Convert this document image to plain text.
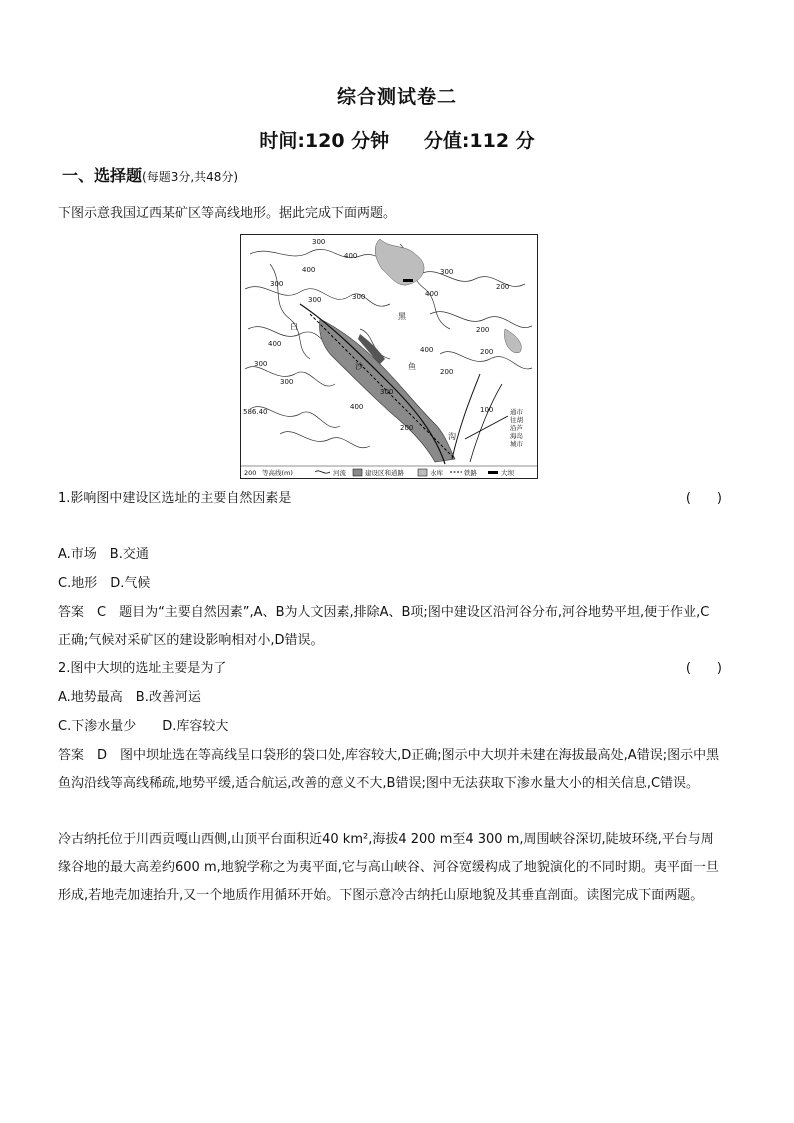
综合测试卷二
时间:120 分钟 分值:112 分
一、选择题(每题3分,共48分)
下图示意我国辽西某矿区等高线地形。据此完成下面两题。
300
400
300
400
300
300
400
200
300
200
400
300
300
300
400	200
200
100
586.40
200
400
白
黑
鱼
沙
沟
通市
往胡
沿芦
海岛
城市
200 等高线(m)	河流	建设区和道路	水库	铁路	大坝
1.影响图中建设区选址的主要自然因素是	(　　)
A.市场　B.交通
C.地形　D.气候
答案　C　题目为“主要自然因素”,A、B为人文因素,排除A、B项;图中建设区沿河谷分布,河谷地势平坦,便于作业,C正确;气候对采矿区的建设影响相对小,D错误。
2.图中大坝的选址主要是为了	(　　)
A.地势最高　B.改善河运
C.下渗水量少　　D.库容较大
答案　D　图中坝址选在等高线呈口袋形的袋口处,库容较大,D正确;图示中大坝并未建在海拔最高处,A错误;图示中黑鱼沟沿线等高线稀疏,地势平缓,适合航运,改善的意义不大,B错误;图中无法获取下渗水量大小的相关信息,C错误。
冷古纳托位于川西贡嘎山西侧,山顶平台面积近40 km²,海拔4 200 m至4 300 m,周围峡谷深切,陡坡环绕,平台与周缘谷地的最大高差约600 m,地貌学称之为夷平面,它与高山峡谷、河谷宽缓构成了地貌演化的不同时期。夷平面一旦形成,若地壳加速抬升,又一个地质作用循环开始。下图示意冷古纳托山原地貌及其垂直剖面。读图完成下面两题。
